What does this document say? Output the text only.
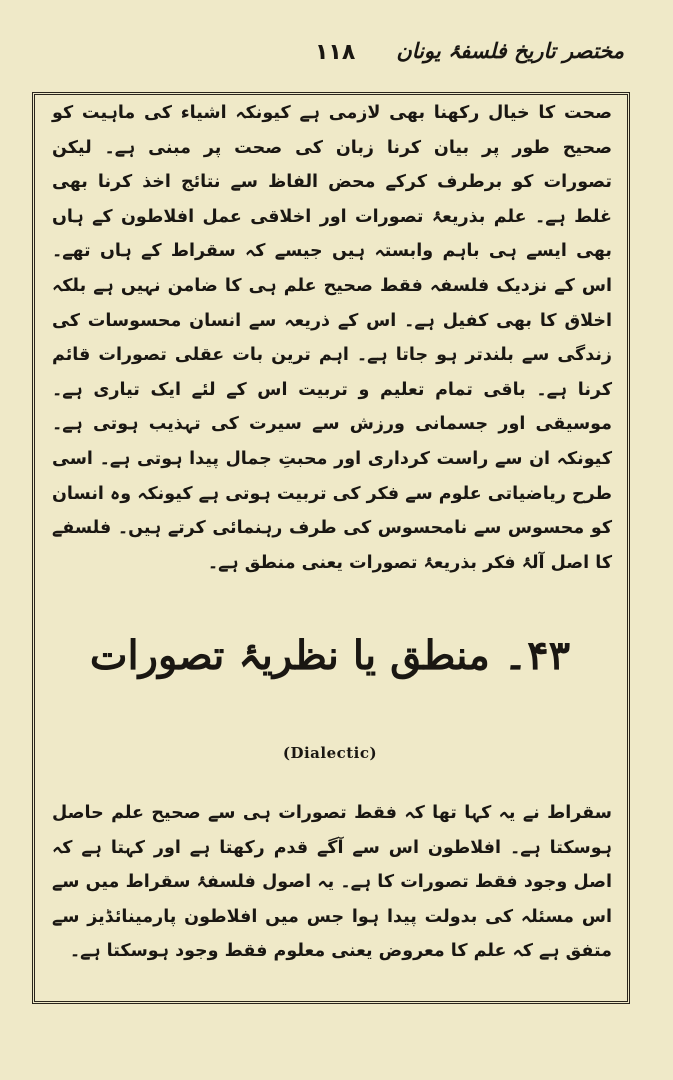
مختصر تاریخ فلسفۂ یونان
۱۱۸

صحت کا خیال رکھنا بھی لازمی ہے کیونکہ اشیاء کی ماہیت کو صحیح طور پر بیان کرنا زبان کی صحت پر مبنی ہے۔ لیکن تصورات کو برطرف کرکے محض الفاظ سے نتائج اخذ کرنا بھی غلط ہے۔ علم بذریعۂ تصورات اور اخلاقی عمل افلاطون کے ہاں بھی ایسے ہی باہم وابستہ ہیں جیسے کہ سقراط کے ہاں تھے۔ اس کے نزدیک فلسفہ فقط صحیح علم ہی کا ضامن نہیں ہے بلکہ اخلاق کا بھی کفیل ہے۔ اس کے ذریعہ سے انسان محسوسات کی زندگی سے بلندتر ہو جاتا ہے۔ اہم ترین بات عقلی تصورات قائم کرنا ہے۔ باقی تمام تعلیم و تربیت اس کے لئے ایک تیاری ہے۔ موسیقی اور جسمانی ورزش سے سیرت کی تہذیب ہوتی ہے۔ کیونکہ ان سے راست کرداری اور محبتِ جمال پیدا ہوتی ہے۔ اسی طرح ریاضیاتی علوم سے فکر کی تربیت ہوتی ہے کیونکہ وہ انسان کو محسوس سے نامحسوس کی طرف رہنمائی کرتے ہیں۔ فلسفے کا اصل آلۂ فکر بذریعۂ تصورات یعنی منطق ہے۔

۴۳۔ منطق یا نظریۂ تصورات
(Dialectic)

سقراط نے یہ کہا تھا کہ فقط تصورات ہی سے صحیح علم حاصل ہوسکتا ہے۔ افلاطون اس سے آگے قدم رکھتا ہے اور کہتا ہے کہ اصل وجود فقط تصورات کا ہے۔ یہ اصول فلسفۂ سقراط میں سے اس مسئلہ کی بدولت پیدا ہوا جس میں افلاطون پارمینائڈیز سے متفق ہے کہ علم کا معروض یعنی معلوم فقط وجود ہوسکتا ہے۔
